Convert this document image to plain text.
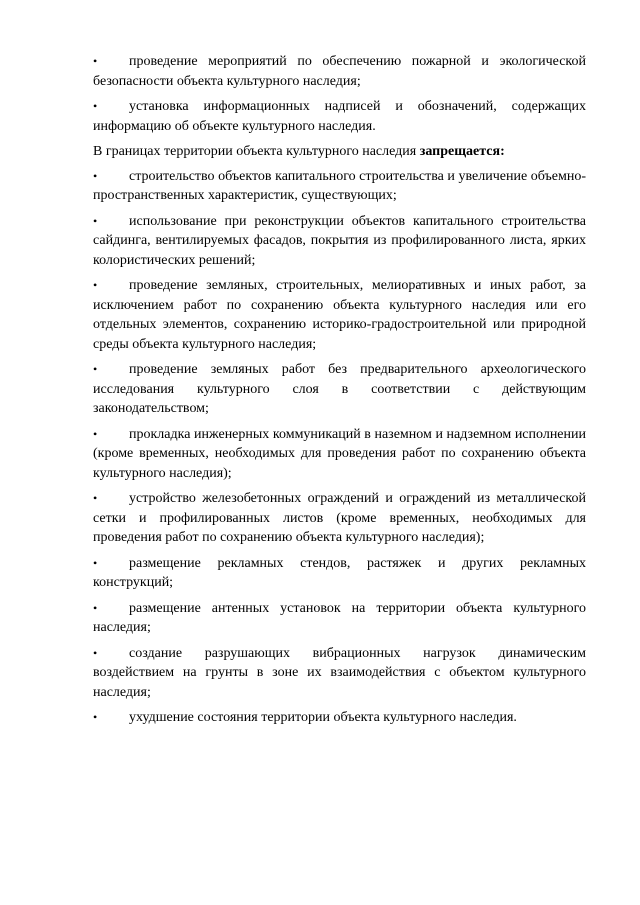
• проведение мероприятий по обеспечению пожарной и экологической безопасности объекта культурного наследия;
• установка информационных надписей и обозначений, содержащих информацию об объекте культурного наследия.

В границах территории объекта культурного наследия запрещается:

• строительство объектов капитального строительства и увеличение объемно-пространственных характеристик, существующих;
• использование при реконструкции объектов капитального строительства сайдинга, вентилируемых фасадов, покрытия из профилированного листа, ярких колористических решений;
• проведение земляных, строительных, мелиоративных и иных работ, за исключением работ по сохранению объекта культурного наследия или его отдельных элементов, сохранению историко-градостроительной или природной среды объекта культурного наследия;
• проведение земляных работ без предварительного археологического исследования культурного слоя в соответствии с действующим законодательством;
• прокладка инженерных коммуникаций в наземном и надземном исполнении (кроме временных, необходимых для проведения работ по сохранению объекта культурного наследия);
• устройство железобетонных ограждений и ограждений из металлической сетки и профилированных листов (кроме временных, необходимых для проведения работ по сохранению объекта культурного наследия);
• размещение рекламных стендов, растяжек и других рекламных конструкций;
• размещение антенных установок на территории объекта культурного наследия;
• создание разрушающих вибрационных нагрузок динамическим воздействием на грунты в зоне их взаимодействия с объектом культурного наследия;
• ухудшение состояния территории объекта культурного наследия.
